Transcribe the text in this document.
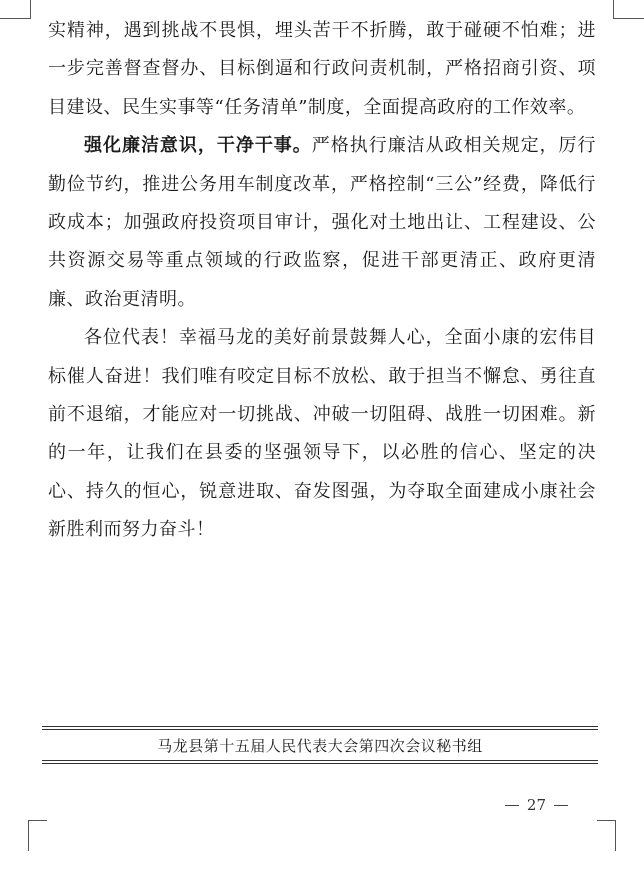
实精神，遇到挑战不畏惧，埋头苦干不折腾，敢于碰硬不怕难；进一步完善督查督办、目标倒逼和行政问责机制，严格招商引资、项目建设、民生实事等“任务清单”制度，全面提高政府的工作效率。

强化廉洁意识，干净干事。严格执行廉洁从政相关规定，厉行勤俭节约，推进公务用车制度改革，严格控制“三公”经费，降低行政成本；加强政府投资项目审计，强化对土地出让、工程建设、公共资源交易等重点领域的行政监察，促进干部更清正、政府更清廉、政治更清明。

各位代表！幸福马龙的美好前景鼓舞人心，全面小康的宏伟目标催人奋进！我们唯有咬定目标不放松、敢于担当不懈怠、勇往直前不退缩，才能应对一切挑战、冲破一切阻碍、战胜一切困难。新的一年，让我们在县委的坚强领导下，以必胜的信心、坚定的决心、持久的恒心，锐意进取、奋发图强，为夺取全面建成小康社会新胜利而努力奋斗！

马龙县第十五届人民代表大会第四次会议秘书组
27
